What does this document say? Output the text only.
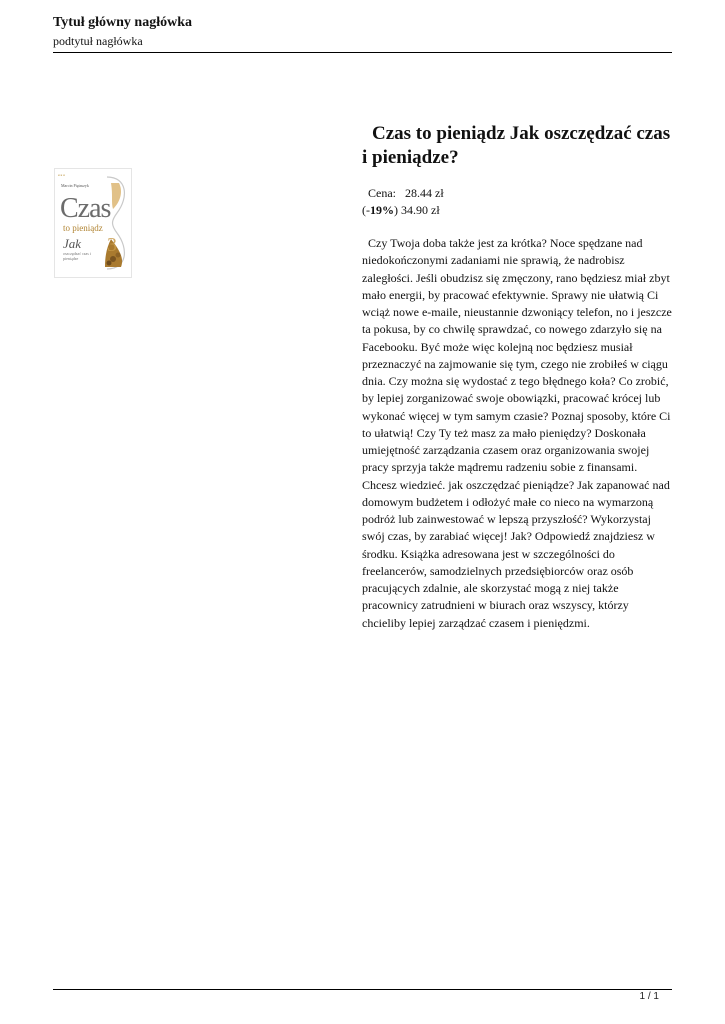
Tytuł główny nagłówka
podtytuł nagłówka
3
ᴎᴎᴎ
Marcin Piętaszyk
Czas
to pieniądz
Jak
oszczędzać czas i pieniądze
Czas to pieniądz Jak oszczędzać czas i pieniądze?
Cena: 28.44 zł
(-19%) 34.90 zł

Czy Twoja doba także jest za krótka? Noce spędzane nad niedokończonymi zadaniami nie sprawią, że nadrobisz zaległości. Jeśli obudzisz się zmęczony, rano będziesz miał zbyt mało energii, by pracować efektywnie. Sprawy nie ułatwią Ci wciąż nowe e-maile, nieustannie dzwoniący telefon, no i jeszcze ta pokusa, by co chwilę sprawdzać, co nowego zdarzyło się na Facebooku. Być może więc kolejną noc będziesz musiał przeznaczyć na zajmowanie się tym, czego nie zrobiłeś w ciągu dnia. Czy można się wydostać z tego błędnego koła? Co zrobić, by lepiej zorganizować swoje obowiązki, pracować krócej lub wykonać więcej w tym samym czasie? Poznaj sposoby, które Ci to ułatwią! Czy Ty też masz za mało pieniędzy? Doskonała umiejętność zarządzania czasem oraz organizowania swojej pracy sprzyja także mądremu radzeniu sobie z finansami. Chcesz wiedzieć. jak oszczędzać pieniądze? Jak zapanować nad domowym budżetem i odłożyć małe co nieco na wymarzoną podróż lub zainwestować w lepszą przyszłość? Wykorzystaj swój czas, by zarabiać więcej! Jak? Odpowiedź znajdziesz w środku. Książka adresowana jest w szczególności do freelancerów, samodzielnych przedsiębiorców oraz osób pracujących zdalnie, ale skorzystać mogą z niej także pracownicy zatrudnieni w biurach oraz wszyscy, którzy chcieliby lepiej zarządzać czasem i pieniędzmi.

1 / 1
